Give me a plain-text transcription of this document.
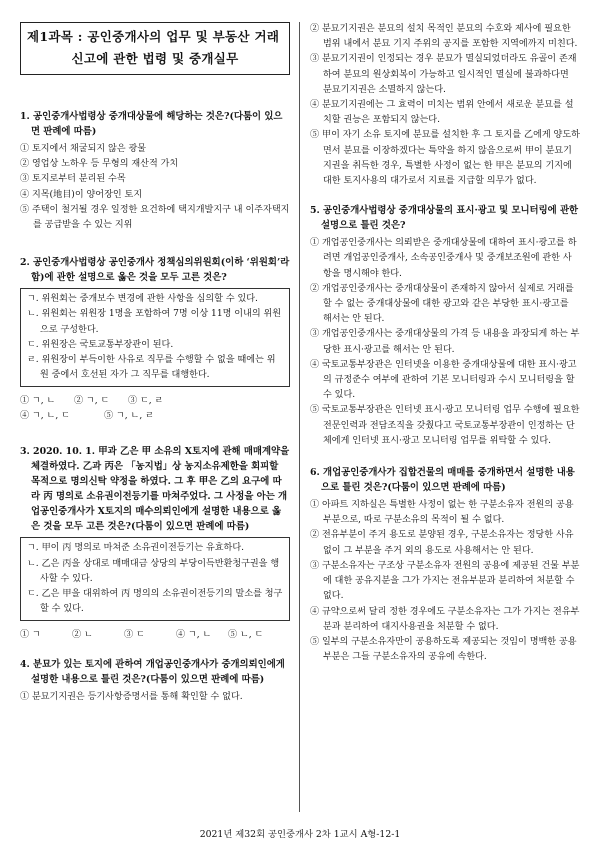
제1과목 : 공인중개사의 업무 및 부동산 거래
신고에 관한 법령 및 중개실무
1. 공인중개사법령상 중개대상물에 해당하는 것은?(다툼이 있으면 판례에 따름)
① 토지에서 채굴되지 않은 광물
② 영업상 노하우 등 무형의 재산적 가치
③ 토지로부터 분리된 수목
④ 지목(地目)이 양어장인 토지
⑤ 주택이 철거될 경우 일정한 요건하에 택지개발지구 내 이주자택지를 공급받을 수 있는 지위
2. 공인중개사법령상 공인중개사 정책심의위원회(이하 ‘위원회’라 함)에 관한 설명으로 옳은 것을 모두 고른 것은?
ㄱ. 위원회는 중개보수 변경에 관한 사항을 심의할 수 있다.
ㄴ. 위원회는 위원장 1명을 포함하여 7명 이상 11명 이내의 위원으로 구성한다.
ㄷ. 위원장은 국토교통부장관이 된다.
ㄹ. 위원장이 부득이한 사유로 직무를 수행할 수 없을 때에는 위원 중에서 호선된 자가 그 직무를 대행한다.
① ㄱ, ㄴ	② ㄱ, ㄷ	③ ㄷ, ㄹ
④ ㄱ, ㄴ, ㄷ	⑤ ㄱ, ㄴ, ㄹ
3. 2020. 10. 1. 甲과 乙은 甲 소유의 X토지에 관해 매매계약을 체결하였다. 乙과 丙은 「농지법」상 농지소유제한을 회피할 목적으로 명의신탁 약정을 하였다. 그 후 甲은 乙의 요구에 따라 丙 명의로 소유권이전등기를 마쳐주었다. 그 사정을 아는 개업공인중개사가 X토지의 매수의뢰인에게 설명한 내용으로 옳은 것을 모두 고른 것은?(다툼이 있으면 판례에 따름)
ㄱ. 甲이 丙 명의로 마쳐준 소유권이전등기는 유효하다.
ㄴ. 乙은 丙을 상대로 매매대금 상당의 부당이득반환청구권을 행사할 수 있다.
ㄷ. 乙은 甲을 대위하여 丙 명의의 소유권이전등기의 말소를 청구할 수 있다.
① ㄱ	② ㄴ	③ ㄷ	④ ㄱ, ㄴ	⑤ ㄴ, ㄷ
4. 분묘가 있는 토지에 관하여 개업공인중개사가 중개의뢰인에게 설명한 내용으로 틀린 것은?(다툼이 있으면 판례에 따름)
① 분묘기지권은 등기사항증명서를 통해 확인할 수 없다.
② 분묘기지권은 분묘의 설치 목적인 분묘의 수호와 제사에 필요한 범위 내에서 분묘 기지 주위의 공지를 포함한 지역에까지 미친다.
③ 분묘기지권이 인정되는 경우 분묘가 멸실되었더라도 유골이 존재하여 분묘의 원상회복이 가능하고 일시적인 멸실에 불과하다면 분묘기지권은 소멸하지 않는다.
④ 분묘기지권에는 그 효력이 미치는 범위 안에서 새로운 분묘를 설치할 권능은 포함되지 않는다.
⑤ 甲이 자기 소유 토지에 분묘를 설치한 후 그 토지를 乙에게 양도하면서 분묘를 이장하겠다는 특약을 하지 않음으로써 甲이 분묘기지권을 취득한 경우, 특별한 사정이 없는 한 甲은 분묘의 기지에 대한 토지사용의 대가로서 지료를 지급할 의무가 없다.
5. 공인중개사법령상 중개대상물의 표시·광고 및 모니터링에 관한 설명으로 틀린 것은?
① 개업공인중개사는 의뢰받은 중개대상물에 대하여 표시·광고를 하려면 개업공인중개사, 소속공인중개사 및 중개보조원에 관한 사항을 명시해야 한다.
② 개업공인중개사는 중개대상물이 존재하지 않아서 실제로 거래를 할 수 없는 중개대상물에 대한 광고와 같은 부당한 표시·광고를 해서는 안 된다.
③ 개업공인중개사는 중개대상물의 가격 등 내용을 과장되게 하는 부당한 표시·광고를 해서는 안 된다.
④ 국토교통부장관은 인터넷을 이용한 중개대상물에 대한 표시·광고의 규정준수 여부에 관하여 기본 모니터링과 수시 모니터링을 할 수 있다.
⑤ 국토교통부장관은 인터넷 표시·광고 모니터링 업무 수행에 필요한 전문인력과 전담조직을 갖췄다고 국토교통부장관이 인정하는 단체에게 인터넷 표시·광고 모니터링 업무를 위탁할 수 있다.
6. 개업공인중개사가 집합건물의 매매를 중개하면서 설명한 내용으로 틀린 것은?(다툼이 있으면 판례에 따름)
① 아파트 지하실은 특별한 사정이 없는 한 구분소유자 전원의 공용부분으로, 따로 구분소유의 목적이 될 수 없다.
② 전유부분이 주거 용도로 분양된 경우, 구분소유자는 정당한 사유 없이 그 부분을 주거 외의 용도로 사용해서는 안 된다.
③ 구분소유자는 구조상 구분소유자 전원의 공용에 제공된 건물 부분에 대한 공유지분을 그가 가지는 전유부분과 분리하여 처분할 수 없다.
④ 규약으로써 달리 정한 경우에도 구분소유자는 그가 가지는 전유부분과 분리하여 대지사용권을 처분할 수 없다.
⑤ 일부의 구분소유자만이 공용하도록 제공되는 것임이 명백한 공용부분은 그들 구분소유자의 공유에 속한다.
2021년 제32회 공인중개사 2차 1교시 A형-12-1
